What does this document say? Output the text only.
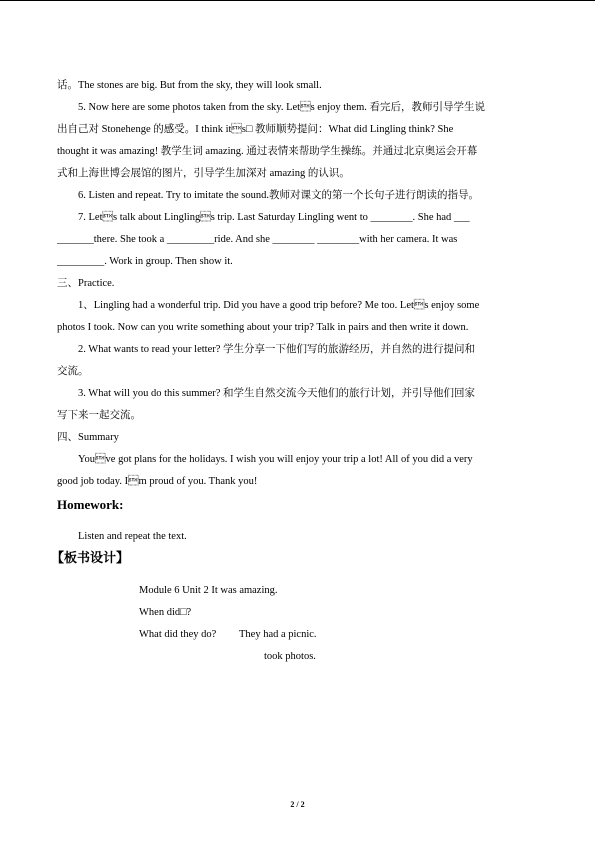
话。The stones are big. But from the sky, they will look small.
5. Now here are some photos taken from the sky. Lets enjoy them. 看完后，教师引导学生说
出自己对 Stonehenge 的感受。I think its□ 教师顺势提问：What did Lingling think? She
thought it was amazing! 教学生词 amazing. 通过表情来帮助学生操练。并通过北京奥运会开幕
式和上海世博会展馆的图片，引导学生加深对 amazing 的认识。
6. Listen and repeat. Try to imitate the sound.教师对课文的第一个长句子进行朗读的指导。
7. Lets talk about Linglings trip. Last Saturday Lingling went to ________. She had ___
_______there. She took a _________ride. And she ________ ________with her camera. It was
_________. Work in group. Then show it.
三、Practice.
1、Lingling had a wonderful trip. Did you have a good trip before? Me too. Lets enjoy some
photos I took. Now can you write something about your trip? Talk in pairs and then write it down.
2. What wants to read your letter? 学生分享一下他们写的旅游经历，并自然的进行提问和
交流。
3. What will you do this summer? 和学生自然交流今天他们的旅行计划，并引导他们回家
写下来一起交流。
四、Summary
Youve got plans for the holidays. I wish you will enjoy your trip a lot! All of you did a very
good job today. Im proud of you. Thank you!
Homework:
Listen and repeat the text.
【板书设计】
Module 6 Unit 2 It was amazing.
When did□?
What did they do? They had a picnic.
took photos.
2 / 2
